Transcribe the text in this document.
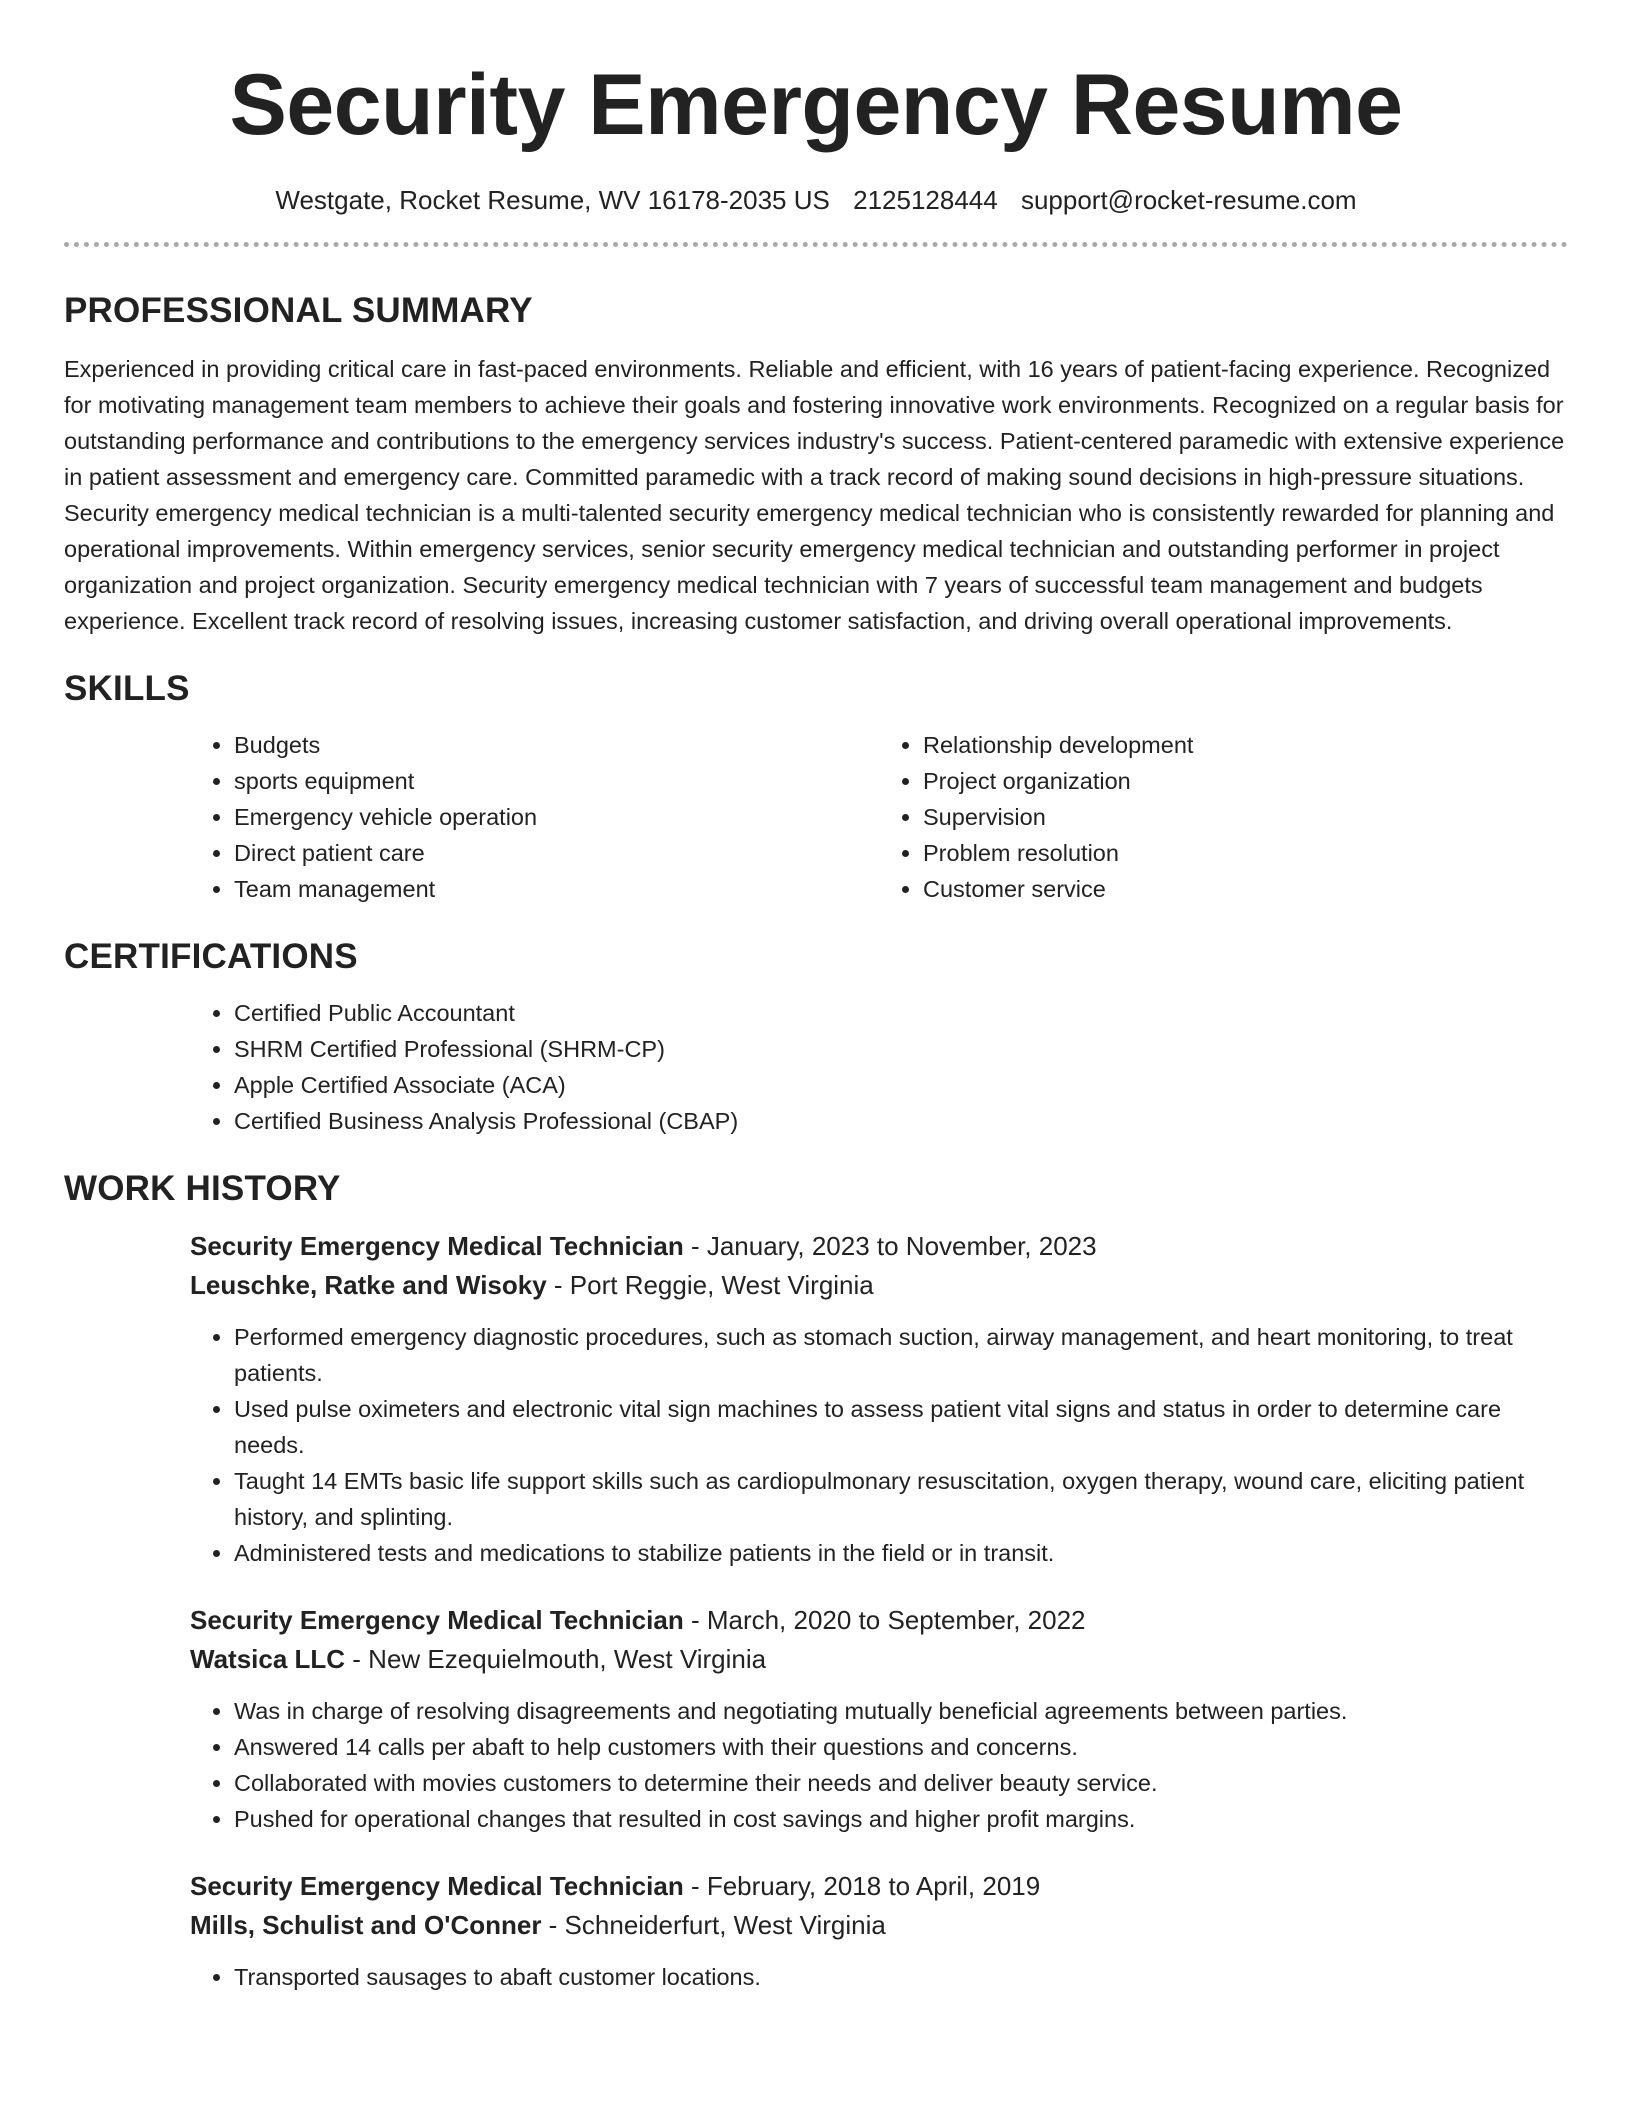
Security Emergency Resume
Westgate, Rocket Resume, WV 16178-2035 US 2125128444 support@rocket-resume.com
PROFESSIONAL SUMMARY

Experienced in providing critical care in fast-paced environments. Reliable and efficient, with 16 years of patient-facing experience. Recognized for motivating management team members to achieve their goals and fostering innovative work environments. Recognized on a regular basis for outstanding performance and contributions to the emergency services industry's success. Patient-centered paramedic with extensive experience in patient assessment and emergency care. Committed paramedic with a track record of making sound decisions in high-pressure situations. Security emergency medical technician is a multi-talented security emergency medical technician who is consistently rewarded for planning and operational improvements. Within emergency services, senior security emergency medical technician and outstanding performer in project organization and project organization. Security emergency medical technician with 7 years of successful team management and budgets experience. Excellent track record of resolving issues, increasing customer satisfaction, and driving overall operational improvements.

SKILLS
• Budgets
• sports equipment
• Emergency vehicle operation
• Direct patient care
• Team management
• Relationship development
• Project organization
• Supervision
• Problem resolution
• Customer service
CERTIFICATIONS
• Certified Public Accountant
• SHRM Certified Professional (SHRM-CP)
• Apple Certified Associate (ACA)
• Certified Business Analysis Professional (CBAP)
WORK HISTORY
Security Emergency Medical Technician - January, 2023 to November, 2023
Leuschke, Ratke and Wisoky - Port Reggie, West Virginia
• Performed emergency diagnostic procedures, such as stomach suction, airway management, and heart monitoring, to treat patients.
• Used pulse oximeters and electronic vital sign machines to assess patient vital signs and status in order to determine care needs.
• Taught 14 EMTs basic life support skills such as cardiopulmonary resuscitation, oxygen therapy, wound care, eliciting patient history, and splinting.
• Administered tests and medications to stabilize patients in the field or in transit.
Security Emergency Medical Technician - March, 2020 to September, 2022
Watsica LLC - New Ezequielmouth, West Virginia
• Was in charge of resolving disagreements and negotiating mutually beneficial agreements between parties.
• Answered 14 calls per abaft to help customers with their questions and concerns.
• Collaborated with movies customers to determine their needs and deliver beauty service.
• Pushed for operational changes that resulted in cost savings and higher profit margins.
Security Emergency Medical Technician - February, 2018 to April, 2019
Mills, Schulist and O'Conner - Schneiderfurt, West Virginia
• Transported sausages to abaft customer locations.
